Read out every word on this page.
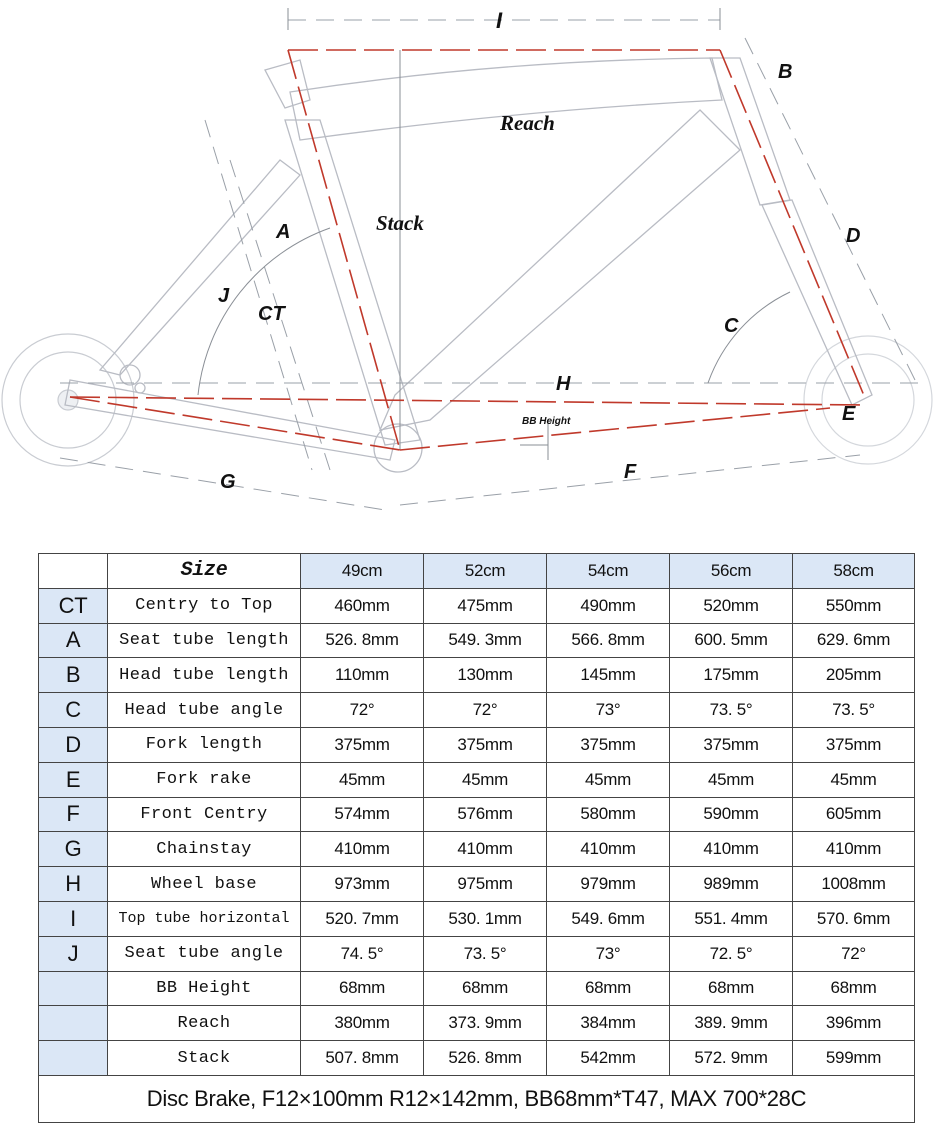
I
B
Reach
Stack
A	D
J
CT
C
H
E
BB Height
F
G
	Size	49cm	52cm	54cm	56cm	58cm
CT	Centry to Top	460mm	475mm	490mm	520mm	550mm
A	Seat tube length	526. 8mm	549. 3mm	566. 8mm	600. 5mm	629. 6mm
B	Head tube length	110mm	130mm	145mm	175mm	205mm
C	Head tube angle	72°	72°	73°	73. 5°	73. 5°
D	Fork length	375mm	375mm	375mm	375mm	375mm
E	Fork rake	45mm	45mm	45mm	45mm	45mm
F	Front Centry	574mm	576mm	580mm	590mm	605mm
G	Chainstay	410mm	410mm	410mm	410mm	410mm
H	Wheel base	973mm	975mm	979mm	989mm	1008mm
I	Top tube horizontal	520. 7mm	530. 1mm	549. 6mm	551. 4mm	570. 6mm
J	Seat tube angle	74. 5°	73. 5°	73°	72. 5°	72°
	BB Height	68mm	68mm	68mm	68mm	68mm
	Reach	380mm	373. 9mm	384mm	389. 9mm	396mm
	Stack	507. 8mm	526. 8mm	542mm	572. 9mm	599mm
Disc Brake, F12×100mm R12×142mm, BB68mm*T47, MAX 700*28C						
